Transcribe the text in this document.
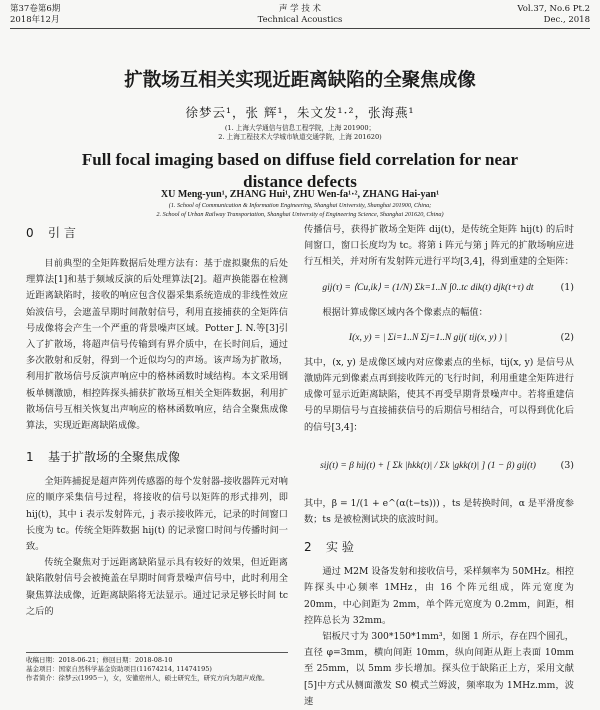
第37卷第6期
2018年12月
声 学 技 术
Technical Acoustics
Vol.37, No.6 Pt.2
Dec., 2018
扩散场互相关实现近距离缺陷的全聚焦成像
徐梦云¹，张 辉¹，朱文发¹·²，张海燕¹
(1. 上海大学通信与信息工程学院，上海 201900；
2. 上海工程技术大学城市轨道交通学院，上海 201620)
Full focal imaging based on diffuse field correlation for near
distance defects
XU Meng-yun¹, ZHANG Hui¹, ZHU Wen-fa¹·², ZHANG Hai-yan¹
(1. School of Communication & Information Engineering, Shanghai University, Shanghai 201900, China;
2. School of Urban Railway Transportation, Shanghai University of Engineering Science, Shanghai 201620, China)
0 引 言

目前典型的全矩阵数据后处理方法有：基于虚拟聚焦的后处理算法[1]和基于频域反演的后处理算法[2]。超声换能器在检测近距离缺陷时，接收的响应包含仪器采集系统造成的非线性效应始波信号，会遮盖早期时间散射信号，利用直接捕获的全矩阵信号成像将会产生一个严重的背景噪声区域。Potter J. N.等[3]引入了扩散场，将超声信号传输到有界介质中，在长时间后，通过多次散射和反射，得到一个近似均匀的声场。该声场为扩散场，利用扩散场信号反演声响应中的格林函数时域结构。本文采用钢板单侧激励，相控阵探头捕获扩散场互相关全矩阵数据，利用扩散场信号互相关恢复出声响应的格林函数响应，结合全聚焦成像算法，实现近距离缺陷成像。

1 基于扩散场的全聚焦成像

全矩阵捕捉是超声阵列传感器的每个发射器-接收器阵元对响应的顺序采集信号过程，将接收的信号以矩阵的形式排列，即 hij(t)，其中 i 表示发射阵元，j 表示接收阵元，记录的时间窗口长度为 tc。传统全矩阵数据 hij(t) 的记录窗口时间与传播时间一致。

传统全聚焦对于远距离缺陷显示具有较好的效果，但近距离缺陷散射信号会被掩盖在早期时间背景噪声信号中，此时利用全聚焦算法成像，近距离缺陷将无法显示。通过记录足够长时间 tc 之后的

传播信号，获得扩散场全矩阵 dij(t)，是传统全矩阵 hij(t) 的后时间窗口，窗口长度均为 tc。将第 i 阵元与第 j 阵元的扩散场响应进行互相关，并对所有发射阵元进行平均[3,4]，得到重建的全矩阵：

gij(τ) = ⟨Cu,ik⟩ = (1/N) Σk=1..N ∫0..tc dik(t) djk(t+τ) dt	(1)

根据计算成像区域内各个像素点的幅值：

I(x, y) = | Σi=1..N Σj=1..N gij( tij(x, y) ) |	(2)

其中，(x, y) 是成像区域内对应像素点的坐标，tij(x, y) 是信号从激励阵元到像素点再到接收阵元的飞行时间，利用重建全矩阵进行成像可显示近距离缺陷，使其不再受早期背景噪声中。若将重建信号的早期信号与直接捕获信号的后期信号相结合，可以得到优化后的信号[3,4]：

sij(t) = β hij(t) + [ Σk |hkk(t)| / Σk |gkk(t)| ] (1 − β) gij(t)	(3)

其中，β = 1/(1 + e^(α(t−ts))) ，ts 是转换时间，α 是平滑度参数；ts 是被检测试块的底波时间。

2 实 验

通过 M2M 设备发射和接收信号，采样频率为 50MHz。相控阵探头中心频率 1MHz，由 16 个阵元组成，阵元宽度为 20mm，中心间距为 2mm，单个阵元宽度为 0.2mm，间距，相控阵总长为 32mm。

铝板尺寸为 300*150*1mm³，如图 1 所示，存在四个圆孔，直径 φ=3mm，横向间距 10mm，纵向间距从距上表面 10mm 至 25mm，以 5mm 步长增加。探头位于缺陷正上方，采用文献[5]中方式从侧面激发 S0 模式兰姆波，频率取为 1MHz.mm，波速

收稿日期：2018-06-21；修回日期：2018-08-10
基金项目：国家自然科学基金资助项目(11674214, 11474195)
作者简介：徐梦云(1995－)，女，安徽宿州人，硕士研究生，研究方向为超声成像。
